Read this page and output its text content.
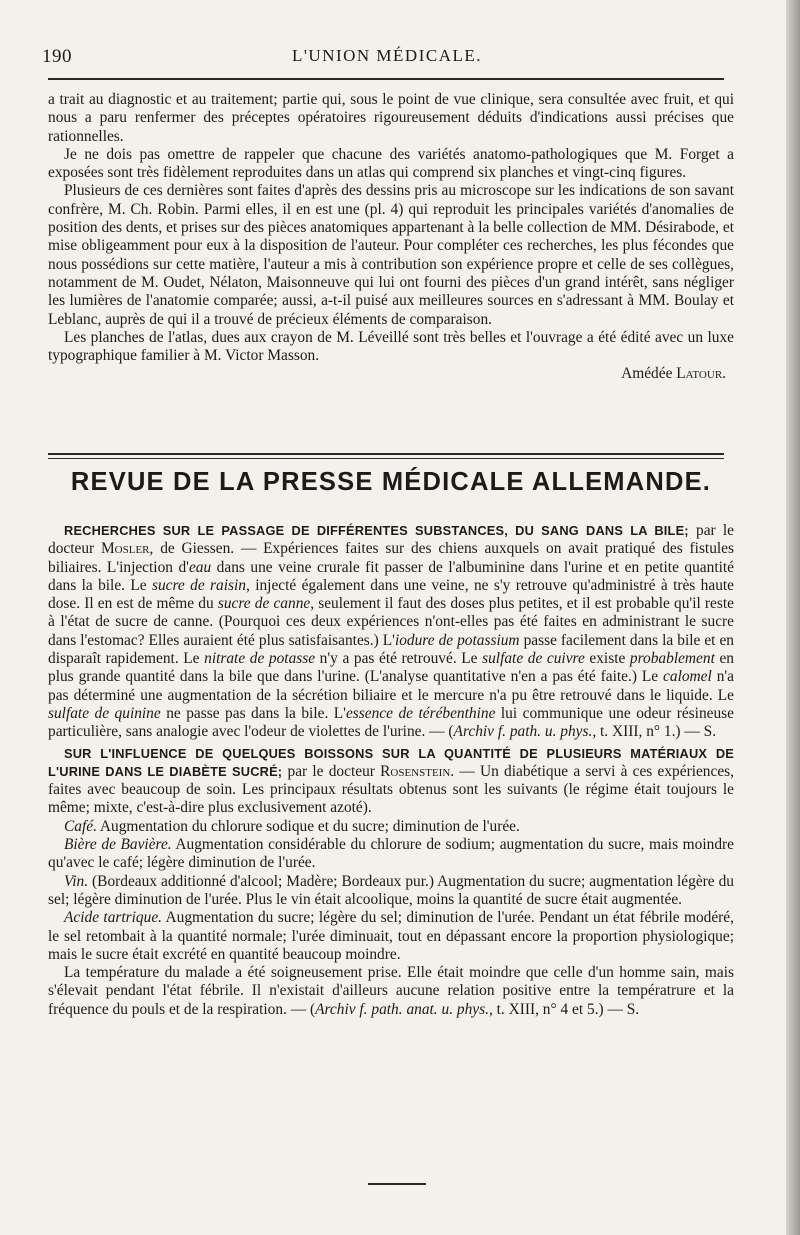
190	L'UNION MÉDICALE.

a trait au diagnostic et au traitement; partie qui, sous le point de vue clinique, sera consultée avec fruit, et qui nous a paru renfermer des préceptes opératoires rigoureusement déduits d'indications aussi précises que rationnelles.

Je ne dois pas omettre de rappeler que chacune des variétés anatomo-pathologiques que M. Forget a exposées sont très fidèlement reproduites dans un atlas qui comprend six planches et vingt-cinq figures.

Plusieurs de ces dernières sont faites d'après des dessins pris au microscope sur les indications de son savant confrère, M. Ch. Robin. Parmi elles, il en est une (pl. 4) qui reproduit les principales variétés d'anomalies de position des dents, et prises sur des pièces anatomiques appartenant à la belle collection de MM. Désirabode, et mise obligeamment pour eux à la disposition de l'auteur. Pour compléter ces recherches, les plus fécondes que nous possédions sur cette matière, l'auteur a mis à contribution son expérience propre et celle de ses collègues, notamment de M. Oudet, Nélaton, Maisonneuve qui lui ont fourni des pièces d'un grand intérêt, sans négliger les lumières de l'anatomie comparée; aussi, a-t-il puisé aux meilleures sources en s'adressant à MM. Boulay et Leblanc, auprès de qui il a trouvé de précieux éléments de comparaison.

Les planches de l'atlas, dues aux crayon de M. Léveillé sont très belles et l'ouvrage a été édité avec un luxe typographique familier à M. Victor Masson.

Amédée Latour.

REVUE DE LA PRESSE MÉDICALE ALLEMANDE.

RECHERCHES SUR LE PASSAGE DE DIFFÉRENTES SUBSTANCES, DU SANG DANS LA BILE; par le docteur Mosler, de Giessen. — Expériences faites sur des chiens auxquels on avait pratiqué des fistules biliaires. L'injection d'eau dans une veine crurale fit passer de l'albuminine dans l'urine et en petite quantité dans la bile. Le sucre de raisin, injecté également dans une veine, ne s'y retrouve qu'administré à très haute dose. Il en est de même du sucre de canne, seulement il faut des doses plus petites, et il est probable qu'il reste à l'état de sucre de canne. (Pourquoi ces deux expériences n'ont-elles pas été faites en administrant le sucre dans l'estomac? Elles auraient été plus satisfaisantes.) L'iodure de potassium passe facilement dans la bile et en disparaît rapidement. Le nitrate de potasse n'y a pas été retrouvé. Le sulfate de cuivre existe probablement en plus grande quantité dans la bile que dans l'urine. (L'analyse quantitative n'en a pas été faite.) Le calomel n'a pas déterminé une augmentation de la sécrétion biliaire et le mercure n'a pu être retrouvé dans le liquide. Le sulfate de quinine ne passe pas dans la bile. L'essence de térébenthine lui communique une odeur résineuse particulière, sans analogie avec l'odeur de violettes de l'urine. — (Archiv f. path. u. phys., t. XIII, n° 1.) — S.

SUR L'INFLUENCE DE QUELQUES BOISSONS SUR LA QUANTITÉ DE PLUSIEURS MATÉRIAUX DE L'URINE DANS LE DIABÈTE SUCRÉ; par le docteur Rosenstein. — Un diabétique a servi à ces expériences, faites avec beaucoup de soin. Les principaux résultats obtenus sont les suivants (le régime était toujours le même; mixte, c'est-à-dire plus exclusivement azoté).

Café. Augmentation du chlorure sodique et du sucre; diminution de l'urée.

Bière de Bavière. Augmentation considérable du chlorure de sodium; augmentation du sucre, mais moindre qu'avec le café; légère diminution de l'urée.

Vin. (Bordeaux additionné d'alcool; Madère; Bordeaux pur.) Augmentation du sucre; augmentation légère du sel; légère diminution de l'urée. Plus le vin était alcoolique, moins la quantité de sucre était augmentée.

Acide tartrique. Augmentation du sucre; légère du sel; diminution de l'urée. Pendant un état fébrile modéré, le sel retombait à la quantité normale; l'urée diminuait, tout en dépassant encore la proportion physiologique; mais le sucre était excrété en quantité beaucoup moindre.

La température du malade a été soigneusement prise. Elle était moindre que celle d'un homme sain, mais s'élevait pendant l'état fébrile. Il n'existait d'ailleurs aucune relation positive entre la températrure et la fréquence du pouls et de la respiration. — (Archiv f. path. anat. u. phys., t. XIII, n° 4 et 5.) — S.
